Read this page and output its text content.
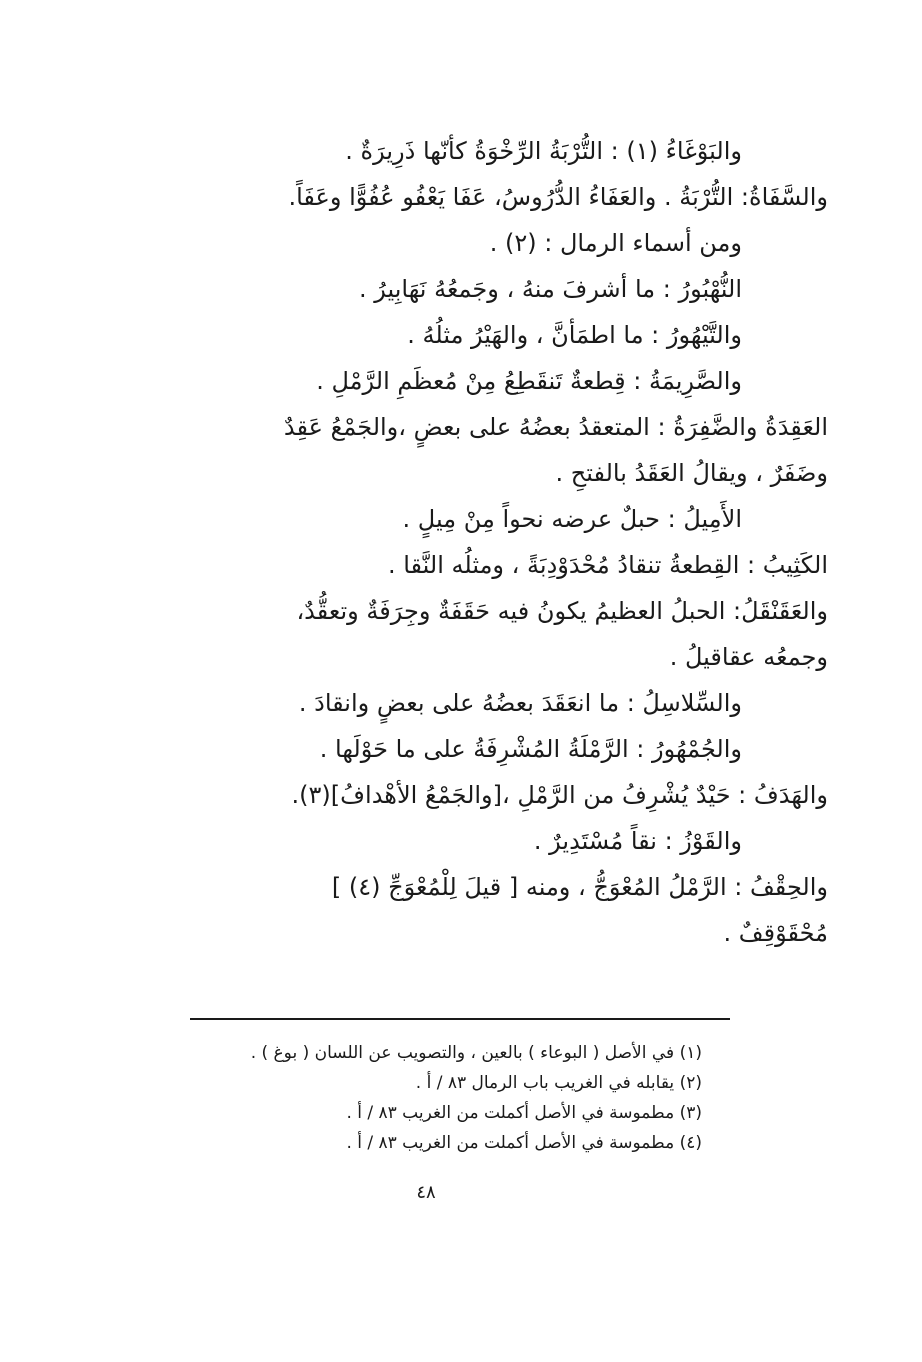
والبَوْغَاءُ (١) : التُّرْبَةُ الرِّخْوَةُ كأنّها ذَرِيرَةٌ .
والسَّفَاةُ: التُّرْبَةُ . والعَفَاءُ الدُّرُوسُ، عَفَا يَعْفُو عُفُوًّا وعَفَاً.
ومن أسماء الرمال : (٢) .
النُّهْبُورُ : ما أشرفَ منهُ ، وجَمعُهُ نَهَابِيرُ .
والتَّيْهُورُ : ما اطمَأنَّ ، والهَيْرُ مثلُهُ .
والصَّرِيمَةُ : قِطعةٌ تَنقَطِعُ مِنْ مُعظَمِ الرَّمْلِ .
العَقِدَةُ والضَّفِرَةُ : المتعقدُ بعضُهُ على بعضٍ ،والجَمْعُ عَقِدٌ
وضَفَرٌ ، ويقالُ العَقَدُ بالفتحِ .
الأَمِيلُ : حبلٌ عرضه نحواً مِنْ مِيلٍ .
الكَثِيبُ : القِطعةُ تنقادُ مُحْدَوْدِبَةً ، ومثلُه النَّقا .
والعَقَنْقَلُ: الحبلُ العظيمُ يكونُ فيه حَقَفَةٌ وجِرَفَةٌ وتعقُّدٌ،
وجمعُه عقاقيلُ .
والسِّلاسِلُ : ما انعَقَدَ بعضُهُ على بعضٍ وانقادَ .
والجُمْهُورُ : الرَّمْلَةُ المُشْرِفَةُ على ما حَوْلَها .
والهَدَفُ : حَيْدٌ يُشْرِفُ من الرَّمْلِ ،[والجَمْعُ الأهْدافُ](٣).
والقَوْزُ : نقاً مُسْتَدِيرٌ .
والحِقْفُ : الرَّمْلُ المُعْوَجُّ ، ومنه [ قيلَ لِلْمُعْوَجِّ (٤) ]
مُحْقَوْقِفٌ .
(١) في الأصل ( البوعاء ) بالعين ، والتصويب عن اللسان ( بوغ ) .
(٢) يقابله في الغريب باب الرمال ٨٣ / أ .
(٣) مطموسة في الأصل أكملت من الغريب ٨٣ / أ .
(٤) مطموسة في الأصل أكملت من الغريب ٨٣ / أ .
٤٨
